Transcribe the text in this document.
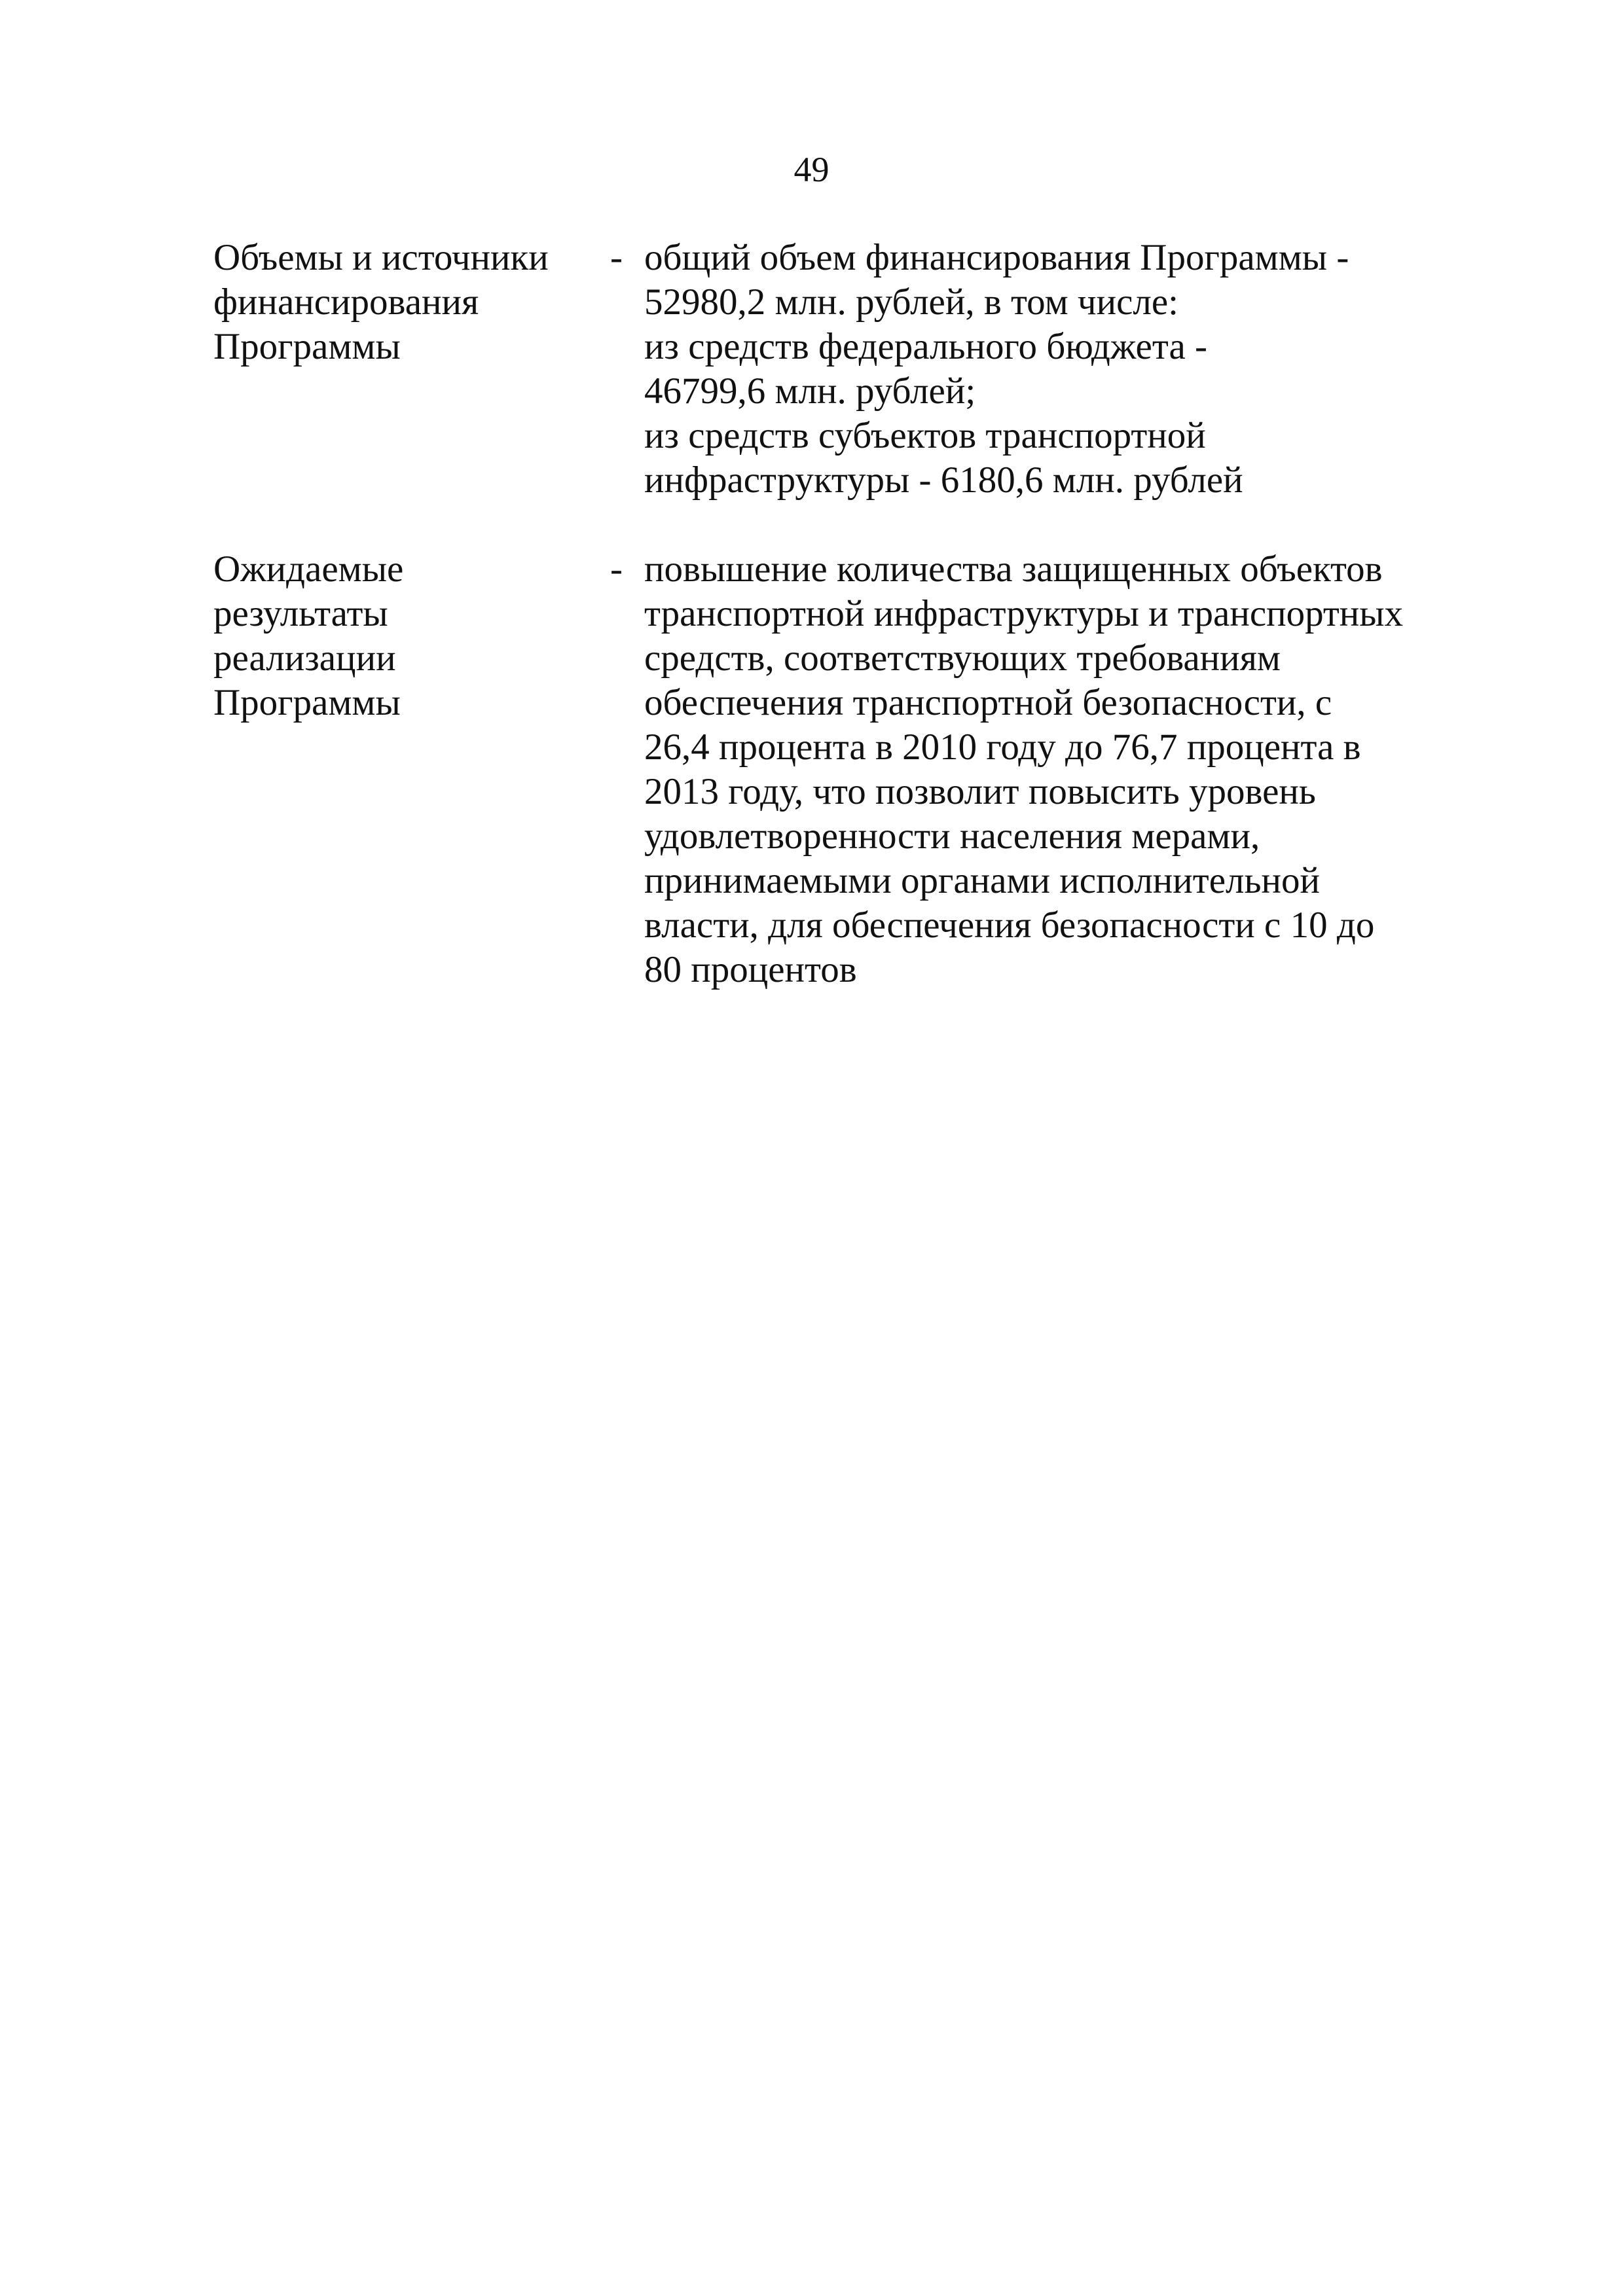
49
Объемы и источники
финансирования
Программы
- общий объем финансирования Программы -
52980,2 млн. рублей, в том числе:
из средств федерального бюджета -
46799,6 млн. рублей;
из средств субъектов транспортной
инфраструктуры - 6180,6 млн. рублей
Ожидаемые
результаты
реализации
Программы
- повышение количества защищенных объектов
транспортной инфраструктуры и транспортных
средств, соответствующих требованиям
обеспечения транспортной безопасности, с
26,4 процента в 2010 году до 76,7 процента в
2013 году, что позволит повысить уровень
удовлетворенности населения мерами,
принимаемыми органами исполнительной
власти, для обеспечения безопасности с 10 до
80 процентов
